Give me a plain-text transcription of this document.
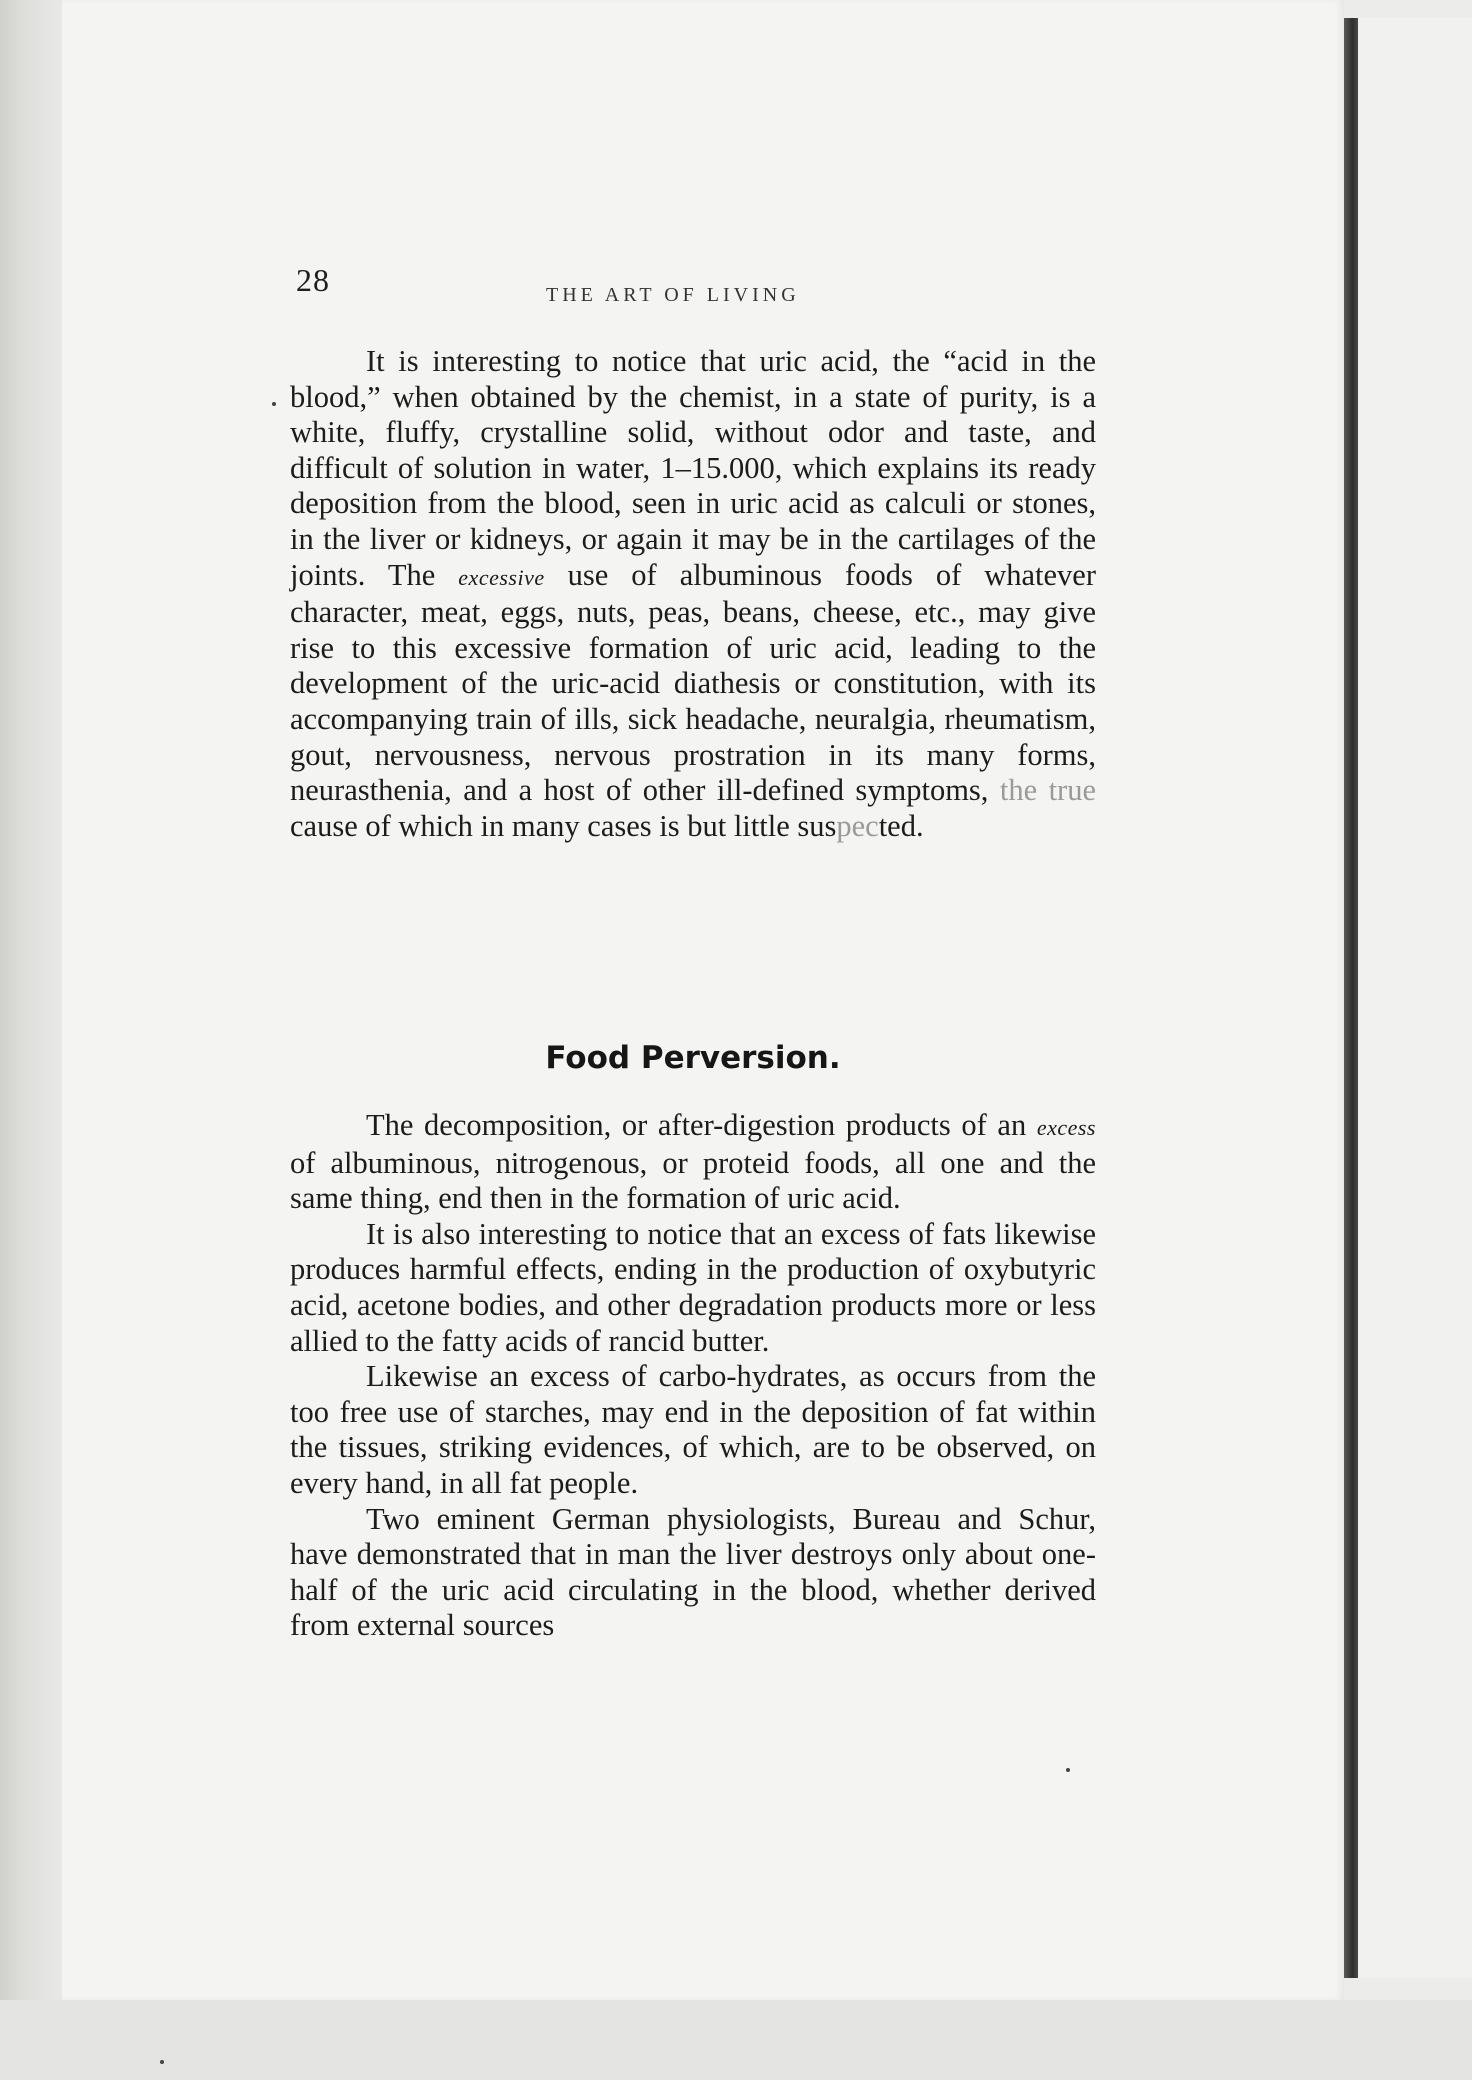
28	THE ART OF LIVING

It is interesting to notice that uric acid, the “acid in the blood,” when obtained by the chemist, in a state of purity, is a white, fluffy, crystalline solid, without odor and taste, and difficult of solution in water, 1–15.000, which explains its ready deposition from the blood, seen in uric acid as calculi or stones, in the liver or kidneys, or again it may be in the cartilages of the joints. The excessive use of albuminous foods of whatever character, meat, eggs, nuts, peas, beans, cheese, etc., may give rise to this excessive formation of uric acid, leading to the development of the uric-acid diathesis or constitution, with its accompanying train of ills, sick headache, neuralgia, rheumatism, gout, nervousness, nervous prostration in its many forms, neurasthenia, and a host of other ill-defined symptoms, the true cause of which in many cases is but little suspected.

Food Perversion.

The decomposition, or after-digestion products of an excess of albuminous, nitrogenous, or proteid foods, all one and the same thing, end then in the formation of uric acid.

It is also interesting to notice that an excess of fats likewise produces harmful effects, ending in the production of oxybutyric acid, acetone bodies, and other degradation products more or less allied to the fatty acids of rancid butter.

Likewise an excess of carbo-hydrates, as occurs from the too free use of starches, may end in the deposition of fat within the tissues, striking evidences, of which, are to be observed, on every hand, in all fat people.

Two eminent German physiologists, Bureau and Schur, have demonstrated that in man the liver destroys only about one-half of the uric acid circulating in the blood, whether derived from external sources
